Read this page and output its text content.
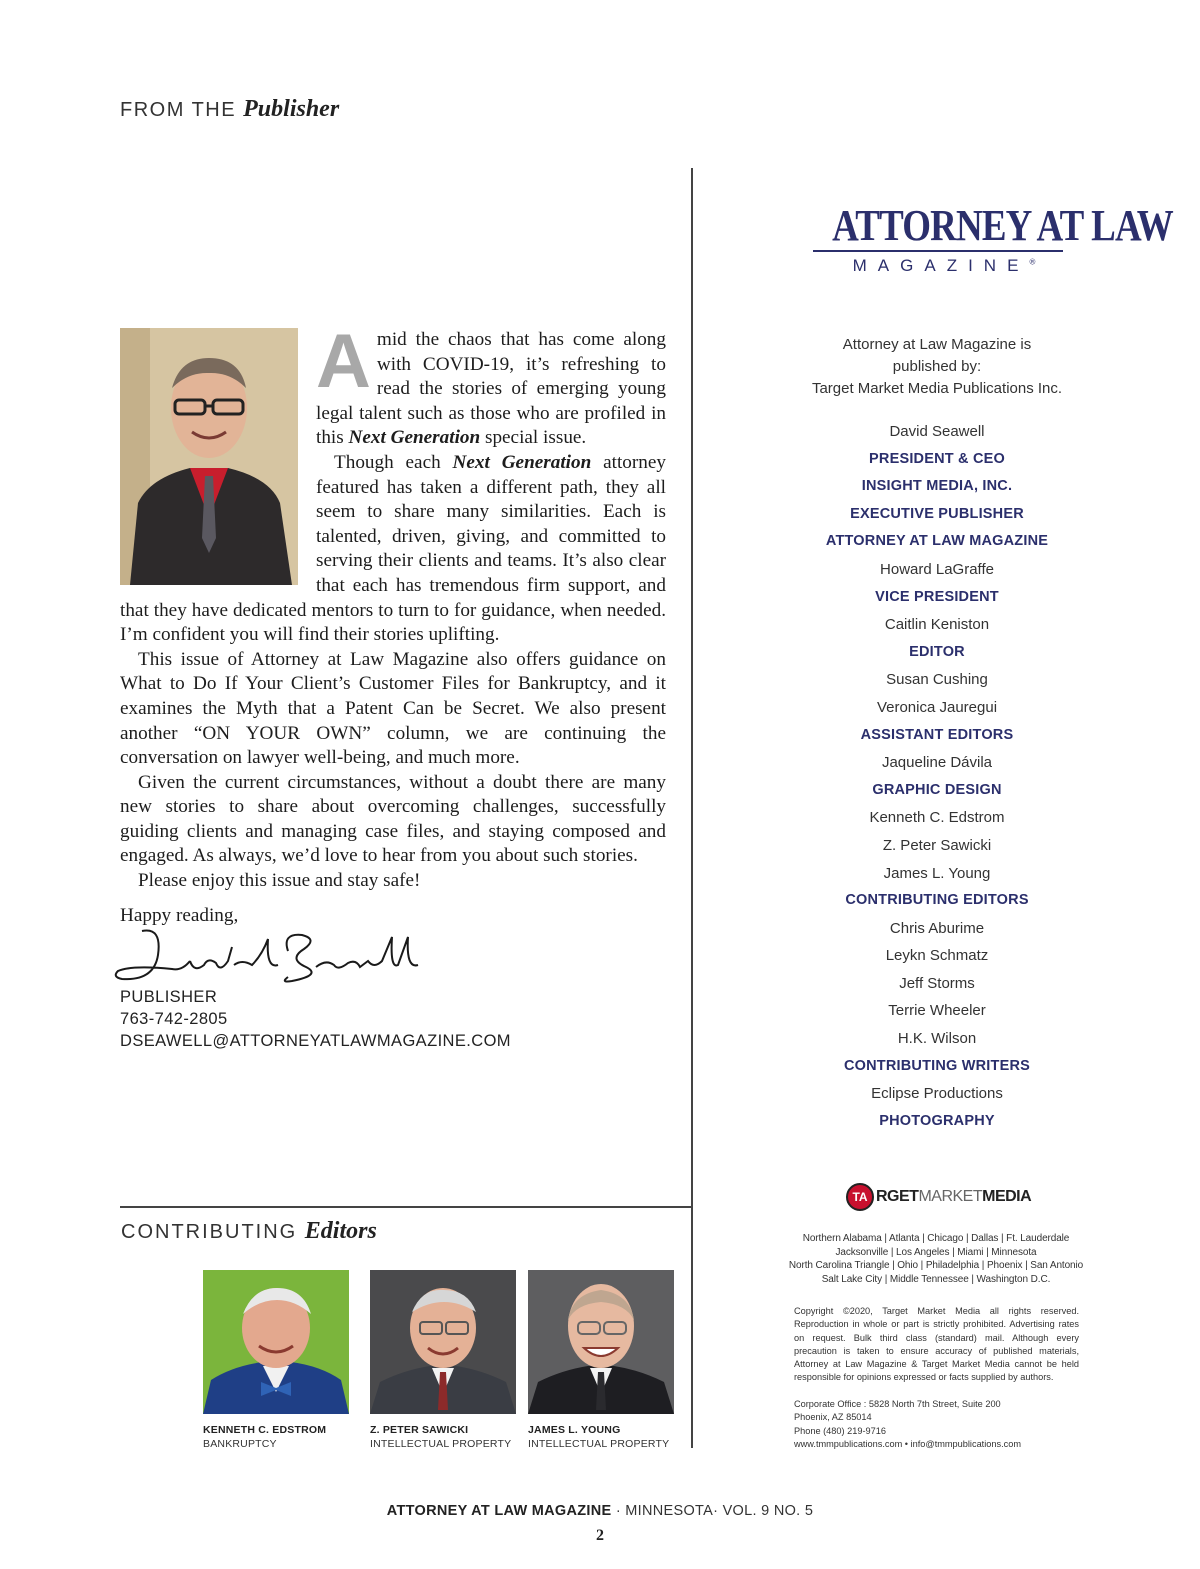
FROM THE Publisher
A mid the chaos that has come along with COVID-19, it’s refreshing to read the stories of emerging young legal talent such as those who are profiled in this Next Generation special issue.

Though each Next Generation attorney featured has taken a different path, they all seem to share many similarities. Each is talented, driven, giving, and committed to serving their clients and teams. It’s also clear that each has tremendous firm support, and that they have dedicated mentors to turn to for guidance, when needed. I’m confident you will find their stories uplifting.

This issue of Attorney at Law Magazine also offers guidance on What to Do If Your Client’s Customer Files for Bankruptcy, and it examines the Myth that a Patent Can be Secret. We also present another “ON YOUR OWN” column, we are continuing the conversation on lawyer well-being, and much more.

Given the current circumstances, without a doubt there are many new stories to share about overcoming challenges, successfully guiding clients and managing case files, and staying composed and engaged. As always, we’d love to hear from you about such stories.

Please enjoy this issue and stay safe!

Happy reading,

PUBLISHER
763-742-2805
DSEAWELL@ATTORNEYATLAWMAGAZINE.COM
CONTRIBUTING Editors
KENNETH C. EDSTROM
BANKRUPTCY
Z. PETER SAWICKI
INTELLECTUAL PROPERTY
JAMES L. YOUNG
INTELLECTUAL PROPERTY
ATTORNEY AT LAW
MAGAZINE®
Attorney at Law Magazine is
published by:
Target Market Media Publications Inc.
David Seawell
PRESIDENT & CEO
INSIGHT MEDIA, INC.
EXECUTIVE PUBLISHER
ATTORNEY AT LAW MAGAZINE
Howard LaGraffe
VICE PRESIDENT
Caitlin Keniston
EDITOR
Susan Cushing
Veronica Jauregui
ASSISTANT EDITORS
Jaqueline Dávila
GRAPHIC DESIGN
Kenneth C. Edstrom
Z. Peter Sawicki
James L. Young
CONTRIBUTING EDITORS
Chris Aburime
Leykn Schmatz
Jeff Storms
Terrie Wheeler
H.K. Wilson
CONTRIBUTING WRITERS
Eclipse Productions
PHOTOGRAPHY
TA RGET MARKET MEDIA
Northern Alabama | Atlanta | Chicago | Dallas | Ft. Lauderdale
Jacksonville | Los Angeles | Miami | Minnesota
North Carolina Triangle | Ohio | Philadelphia | Phoenix | San Antonio
Salt Lake City | Middle Tennessee | Washington D.C.
Copyright ©2020, Target Market Media all rights reserved. Reproduction in whole or part is strictly prohibited. Advertising rates on request. Bulk third class (standard) mail. Although every precaution is taken to ensure accuracy of published materials, Attorney at Law Magazine & Target Market Media cannot be held responsible for opinions expressed or facts supplied by authors.
Corporate Office : 5828 North 7th Street, Suite 200
Phoenix, AZ 85014
Phone (480) 219-9716
www.tmmpublications.com • info@tmmpublications.com
ATTORNEY AT LAW MAGAZINE · MINNESOTA· VOL. 9 NO. 5
2
